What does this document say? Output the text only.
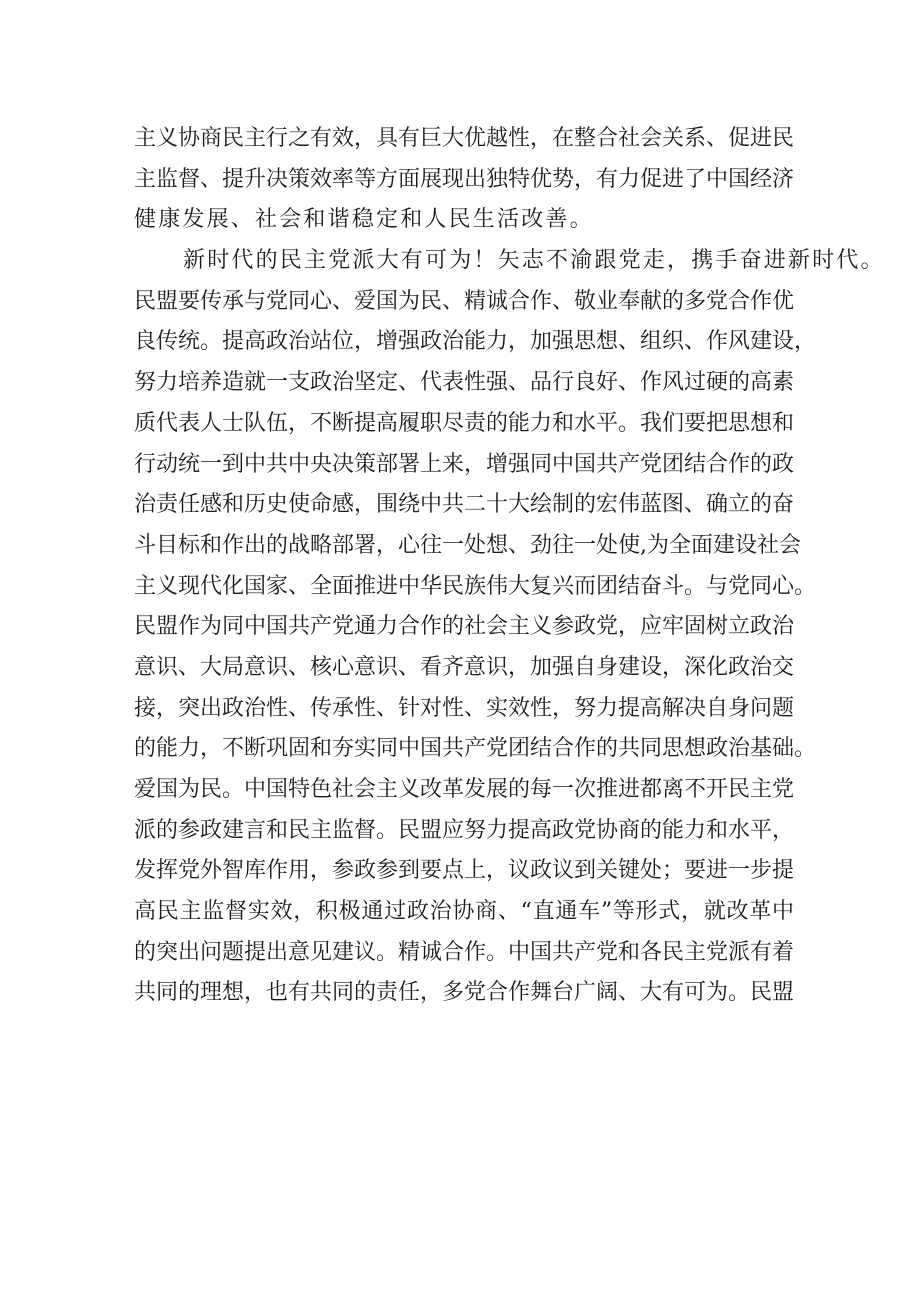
主义协商民主行之有效，具有巨大优越性，在整合社会关系、促进民
主监督、提升决策效率等方面展现出独特优势，有力促进了中国经济
健康发展、社会和谐稳定和人民生活改善。
新时代的民主党派大有可为！矢志不渝跟党走，携手奋进新时代。
民盟要传承与党同心、爱国为民、精诚合作、敬业奉献的多党合作优
良传统。提高政治站位，增强政治能力，加强思想、组织、作风建设，
努力培养造就一支政治坚定、代表性强、品行良好、作风过硬的高素
质代表人士队伍，不断提高履职尽责的能力和水平。我们要把思想和
行动统一到中共中央决策部署上来，增强同中国共产党团结合作的政
治责任感和历史使命感，围绕中共二十大绘制的宏伟蓝图、确立的奋
斗目标和作出的战略部署，心往一处想、劲往一处使,为全面建设社会
主义现代化国家、全面推进中华民族伟大复兴而团结奋斗。与党同心。
民盟作为同中国共产党通力合作的社会主义参政党，应牢固树立政治
意识、大局意识、核心意识、看齐意识，加强自身建设，深化政治交
接，突出政治性、传承性、针对性、实效性，努力提高解决自身问题
的能力，不断巩固和夯实同中国共产党团结合作的共同思想政治基础。
爱国为民。中国特色社会主义改革发展的每一次推进都离不开民主党
派的参政建言和民主监督。民盟应努力提高政党协商的能力和水平，
发挥党外智库作用，参政参到要点上，议政议到关键处；要进一步提
高民主监督实效，积极通过政治协商、“直通车”等形式，就改革中
的突出问题提出意见建议。精诚合作。中国共产党和各民主党派有着
共同的理想，也有共同的责任，多党合作舞台广阔、大有可为。民盟
